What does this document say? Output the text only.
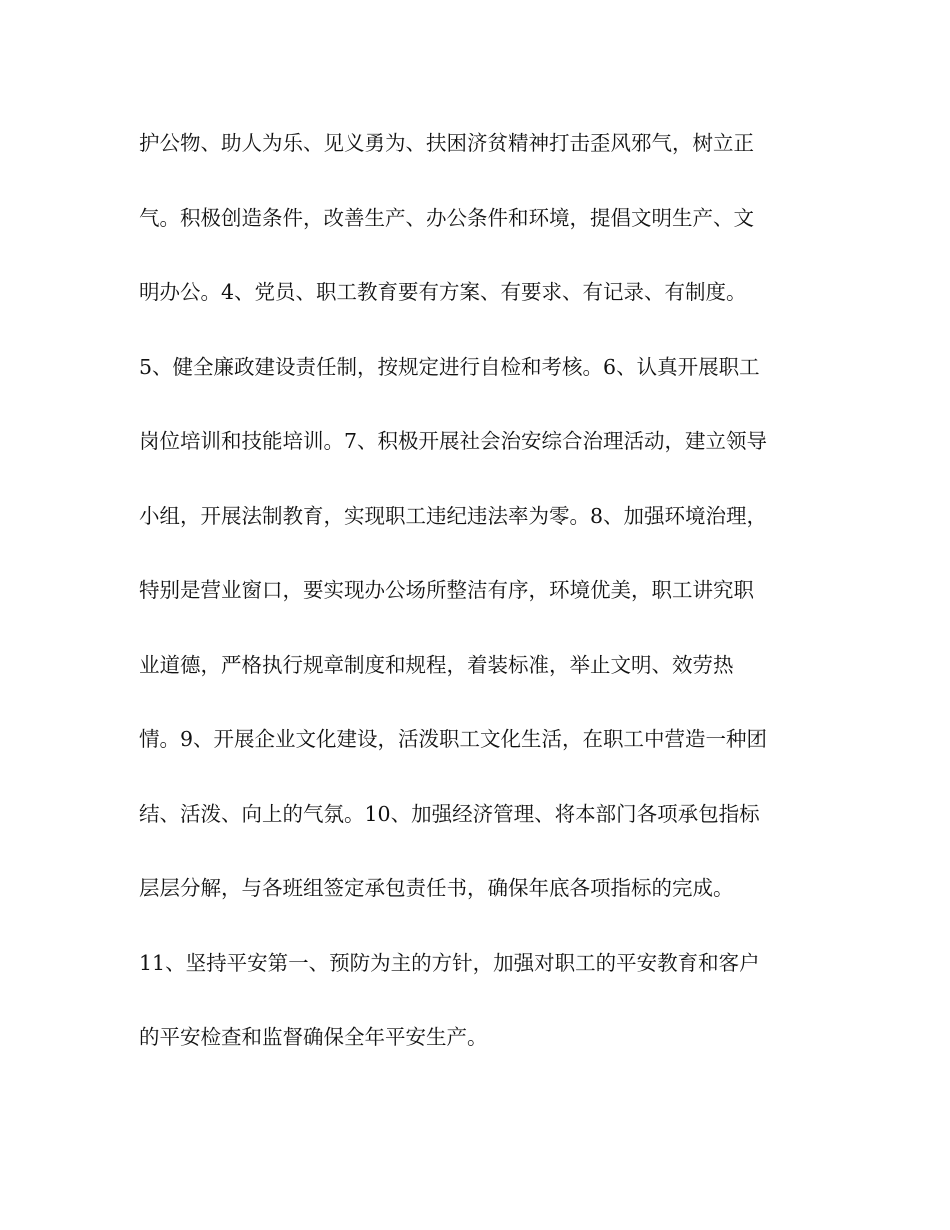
护公物、助人为乐、见义勇为、扶困济贫精神打击歪风邪气，树立正
气。积极创造条件，改善生产、办公条件和环境，提倡文明生产、文
明办公。4、党员、职工教育要有方案、有要求、有记录、有制度。
5、健全廉政建设责任制，按规定进行自检和考核。6、认真开展职工
岗位培训和技能培训。7、积极开展社会治安综合治理活动，建立领导
小组，开展法制教育，实现职工违纪违法率为零。8、加强环境治理，
特别是营业窗口，要实现办公场所整洁有序，环境优美，职工讲究职
业道德，严格执行规章制度和规程，着装标准，举止文明、效劳热
情。9、开展企业文化建设，活泼职工文化生活，在职工中营造一种团
结、活泼、向上的气氛。10、加强经济管理、将本部门各项承包指标
层层分解，与各班组签定承包责任书，确保年底各项指标的完成。
11、坚持平安第一、预防为主的方针，加强对职工的平安教育和客户
的平安检查和监督确保全年平安生产。
